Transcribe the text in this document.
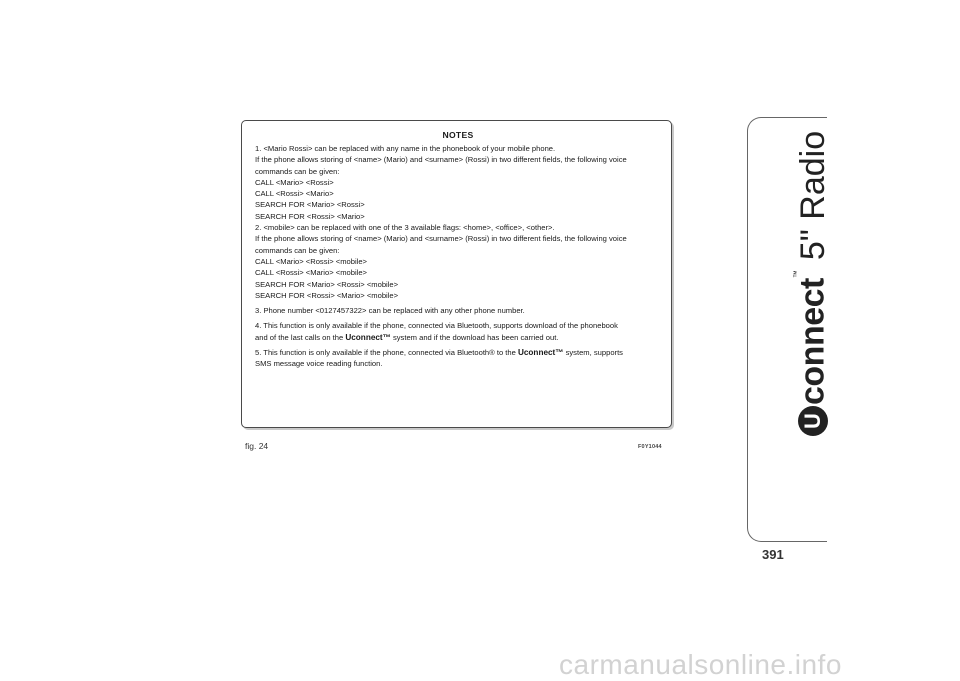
NOTES

1. <Mario Rossi> can be replaced with any name in the phonebook of your mobile phone.

If the phone allows storing of <name> (Mario) and <surname> (Rossi) in two different fields, the following voice

commands can be given:

CALL <Mario> <Rossi>

CALL <Rossi> <Mario>

SEARCH FOR <Mario> <Rossi>

SEARCH FOR <Rossi> <Mario>

2. <mobile> can be replaced with one of the 3 available flags: <home>, <office>, <other>.

If the phone allows storing of <name> (Mario) and <surname> (Rossi) in two different fields, the following voice

commands can be given:

CALL <Mario> <Rossi> <mobile>

CALL <Rossi> <Mario> <mobile>

SEARCH FOR <Mario> <Rossi> <mobile>

SEARCH FOR <Rossi> <Mario> <mobile>

3. Phone number <0127457322> can be replaced with any other phone number.

4. This function is only available if the phone, connected via Bluetooth, supports download of the phonebook

and of the last calls on the Uconnect™ system and if the download has been carried out.

5. This function is only available if the phone, connected via Bluetooth® to the Uconnect™ system, supports

SMS message voice reading function.

fig. 24	F0Y1044
Uconnect™5" Radio
391
carmanualsonline.info
